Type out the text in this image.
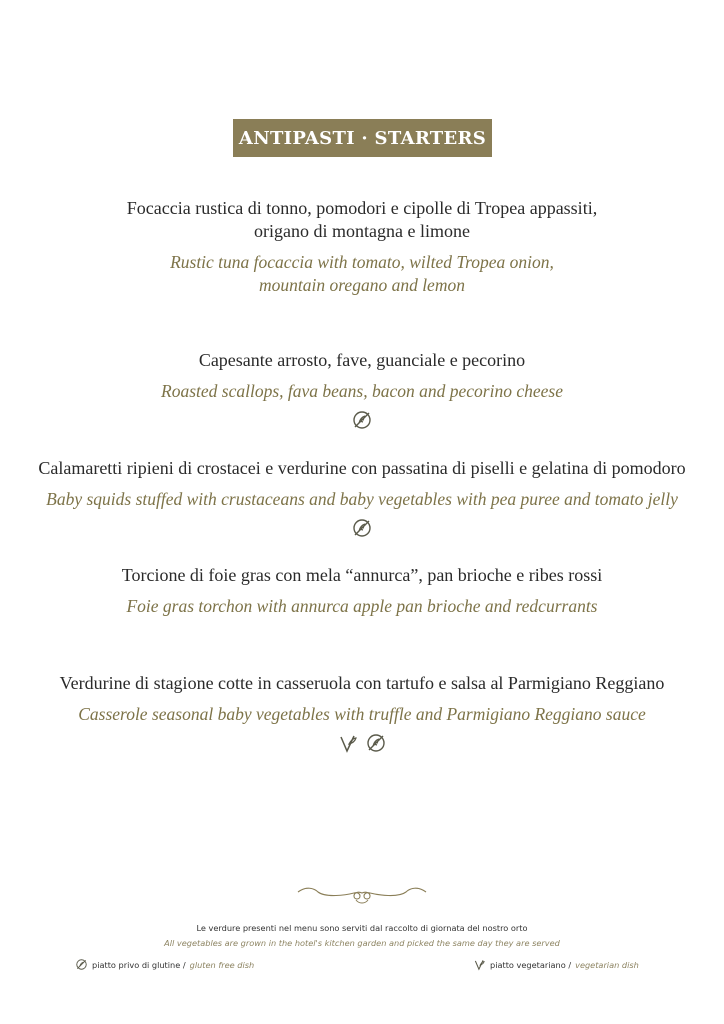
ANTIPASTI · STARTERS
Focaccia rustica di tonno, pomodori e cipolle di Tropea appassiti,
origano di montagna e limone
Rustic tuna focaccia with tomato, wilted Tropea onion,
mountain oregano and lemon
Capesante arrosto, fave, guanciale e pecorino
Roasted scallops, fava beans, bacon and pecorino cheese
Calamaretti ripieni di crostacei e verdurine con passatina di piselli e gelatina di pomodoro
Baby squids stuffed with crustaceans and baby vegetables with pea puree and tomato jelly
Torcione di foie gras con mela “annurca”, pan brioche e ribes rossi
Foie gras torchon with annurca apple pan brioche and redcurrants
Verdurine di stagione cotte in casseruola con tartufo e salsa al Parmigiano Reggiano
Casserole seasonal baby vegetables with truffle and Parmigiano Reggiano sauce
Le verdure presenti nel menu sono serviti dal raccolto di giornata del nostro orto
All vegetables are grown in the hotel's kitchen garden and picked the same day they are served
piatto privo di glutine / gluten free dish	piatto vegetariano / vegetarian dish
